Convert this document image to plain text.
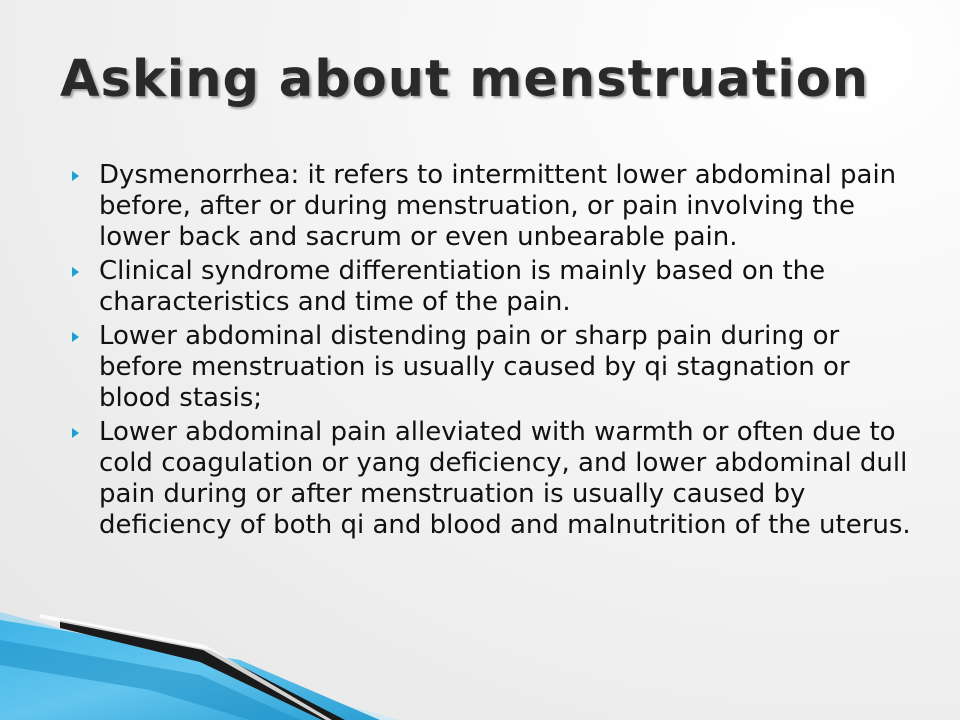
Asking about menstruation
Dysmenorrhea: it refers to intermittent lower abdominal pain before, after or during menstruation, or pain involving the lower back and sacrum or even unbearable pain.
Clinical syndrome differentiation is mainly based on the characteristics and time of the pain.
Lower abdominal distending pain or sharp pain during or before menstruation is usually caused by qi stagnation or blood stasis;
Lower abdominal pain alleviated with warmth or often due to cold coagulation or yang deficiency, and lower abdominal dull pain during or after menstruation is usually caused by deficiency of both qi and blood and malnutrition of the uterus.
